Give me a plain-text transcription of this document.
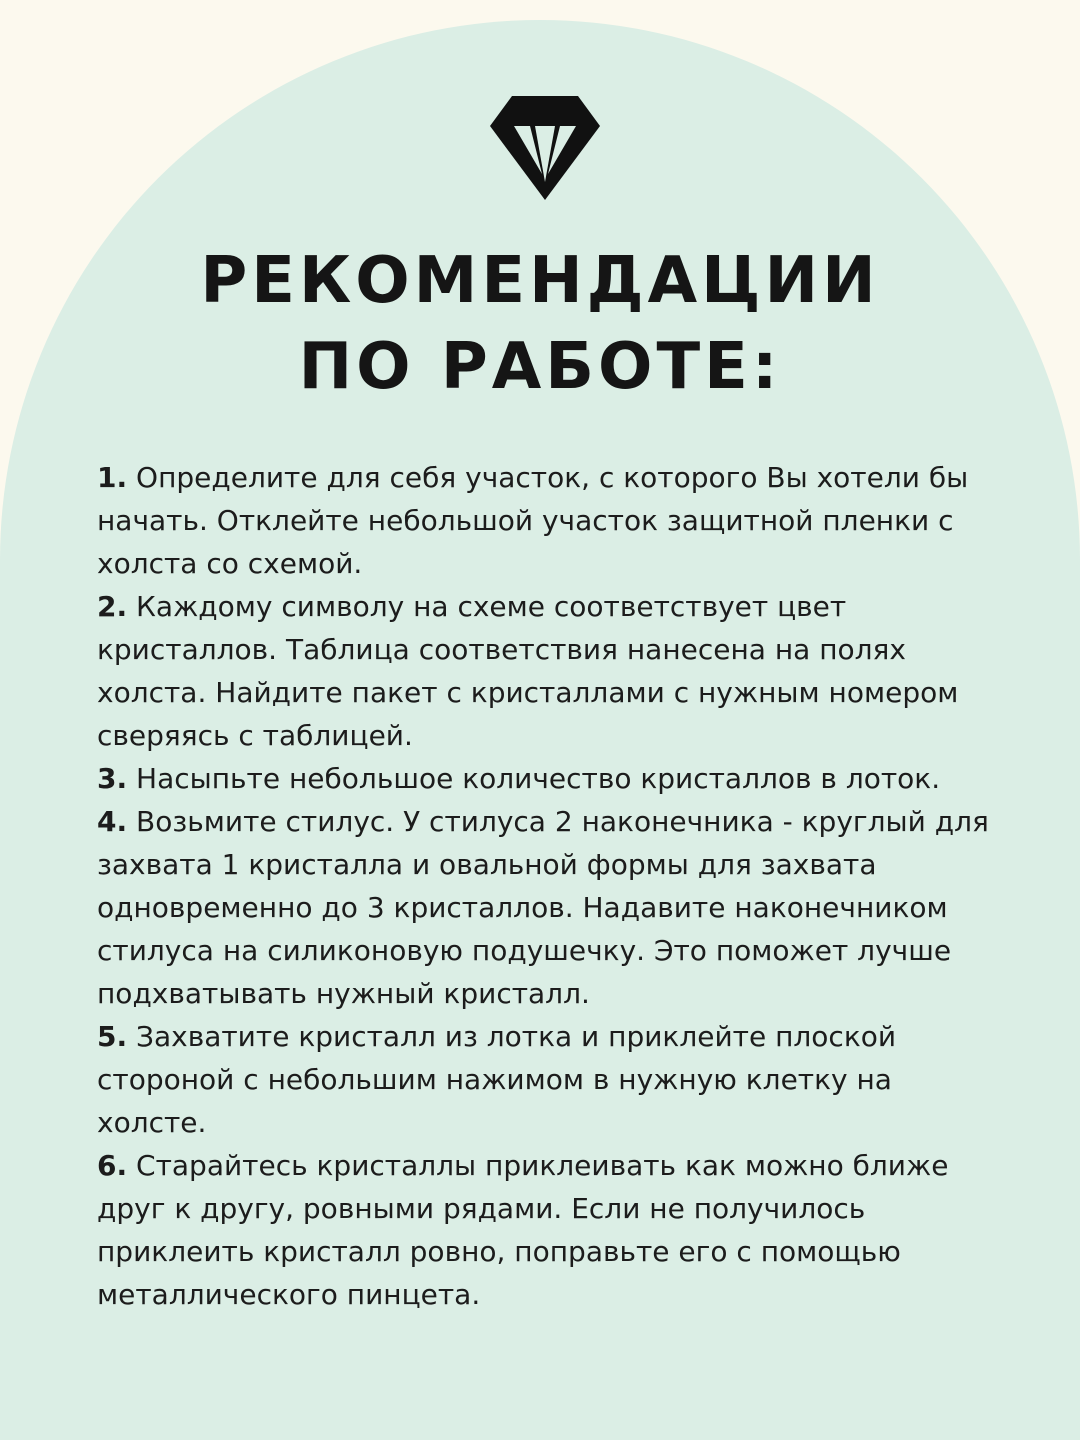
РЕКОМЕНДАЦИИ
ПО РАБОТЕ:

1. Определите для себя участок, с которого Вы хотели бы начать. Отклейте небольшой участок защитной пленки с холста со схемой.

2. Каждому символу на схеме соответствует цвет кристаллов. Таблица соответствия нанесена на полях холста. Найдите пакет с кристаллами с нужным номером сверяясь с таблицей.

3. Насыпьте небольшое количество кристаллов в лоток.

4. Возьмите стилус. У стилуса 2 наконечника - круглый для захвата 1 кристалла и овальной формы для захвата одновременно до 3 кристаллов. Надавите наконечником стилуса на силиконовую подушечку. Это поможет лучше подхватывать нужный кристалл.

5. Захватите кристалл из лотка и приклейте плоской стороной с небольшим нажимом в нужную клетку на холсте.

6. Старайтесь кристаллы приклеивать как можно ближе друг к другу, ровными рядами. Если не получилось приклеить кристалл ровно, поправьте его с помощью металлического пинцета.
